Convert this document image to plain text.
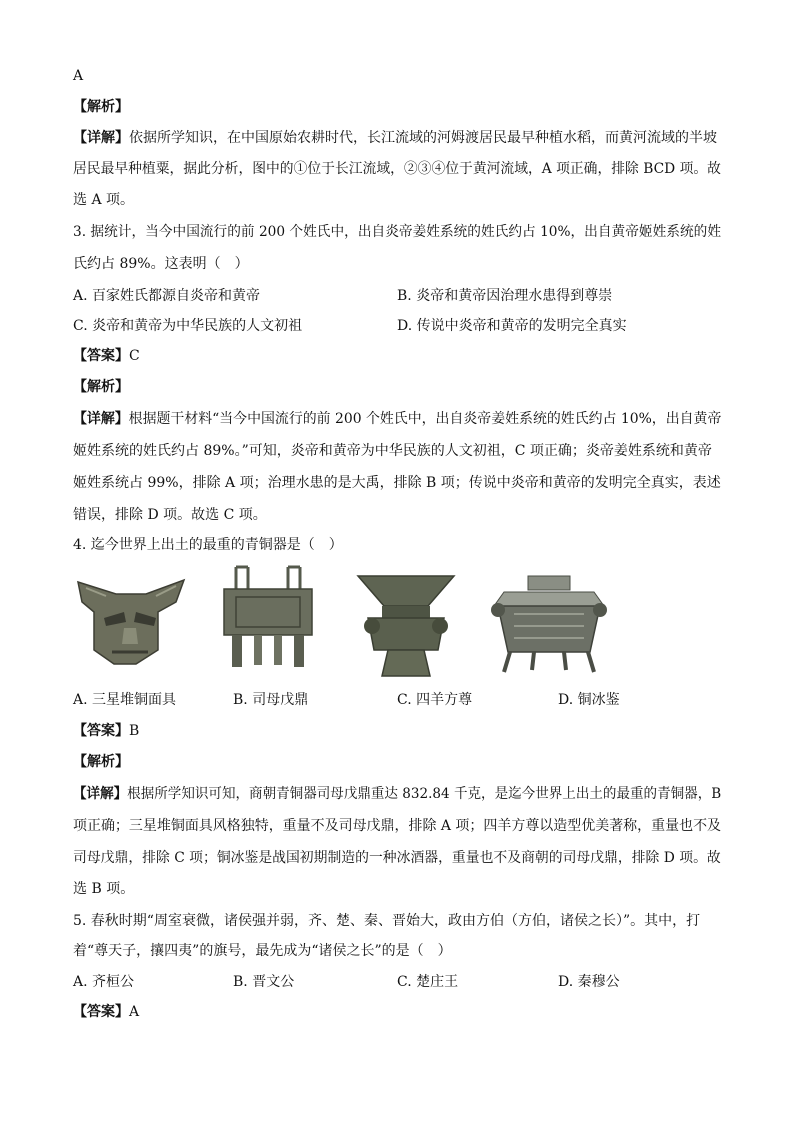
A
【解析】
【详解】依据所学知识，在中国原始农耕时代，长江流域的河姆渡居民最早种植水稻，而黄河流域的半坡
居民最早种植粟，据此分析，图中的①位于长江流域，②③④位于黄河流域，A 项正确，排除 BCD 项。故
选 A 项。
3. 据统计，当今中国流行的前 200 个姓氏中，出自炎帝姜姓系统的姓氏约占 10%，出自黄帝姬姓系统的姓
氏约占 89%。这表明（　）
A. 百家姓氏都源自炎帝和黄帝	B. 炎帝和黄帝因治理水患得到尊崇
C. 炎帝和黄帝为中华民族的人文初祖	D. 传说中炎帝和黄帝的发明完全真实
【答案】C
【解析】
【详解】根据题干材料“当今中国流行的前 200 个姓氏中，出自炎帝姜姓系统的姓氏约占 10%，出自黄帝
姬姓系统的姓氏约占 89%。”可知，炎帝和黄帝为中华民族的人文初祖，C 项正确；炎帝姜姓系统和黄帝
姬姓系统占 99%，排除 A 项；治理水患的是大禹，排除 B 项；传说中炎帝和黄帝的发明完全真实，表述
错误，排除 D 项。故选 C 项。
4. 迄今世界上出土的最重的青铜器是（　）
A. 三星堆铜面具	B. 司母戊鼎	C. 四羊方尊	D. 铜冰鉴
【答案】B
【解析】
【详解】根据所学知识可知，商朝青铜器司母戊鼎重达 832.84 千克，是迄今世界上出土的最重的青铜器，B
项正确；三星堆铜面具风格独特，重量不及司母戊鼎，排除 A 项；四羊方尊以造型优美著称，重量也不及
司母戊鼎，排除 C 项；铜冰鉴是战国初期制造的一种冰酒器，重量也不及商朝的司母戊鼎，排除 D 项。故
选 B 项。
5. 春秋时期“周室衰微，诸侯强并弱，齐、楚、秦、晋始大，政由方伯（方伯，诸侯之长）”。其中，打
着“尊天子，攘四夷”的旗号，最先成为“诸侯之长”的是（　）
A. 齐桓公	B. 晋文公	C. 楚庄王	D. 秦穆公
【答案】A
